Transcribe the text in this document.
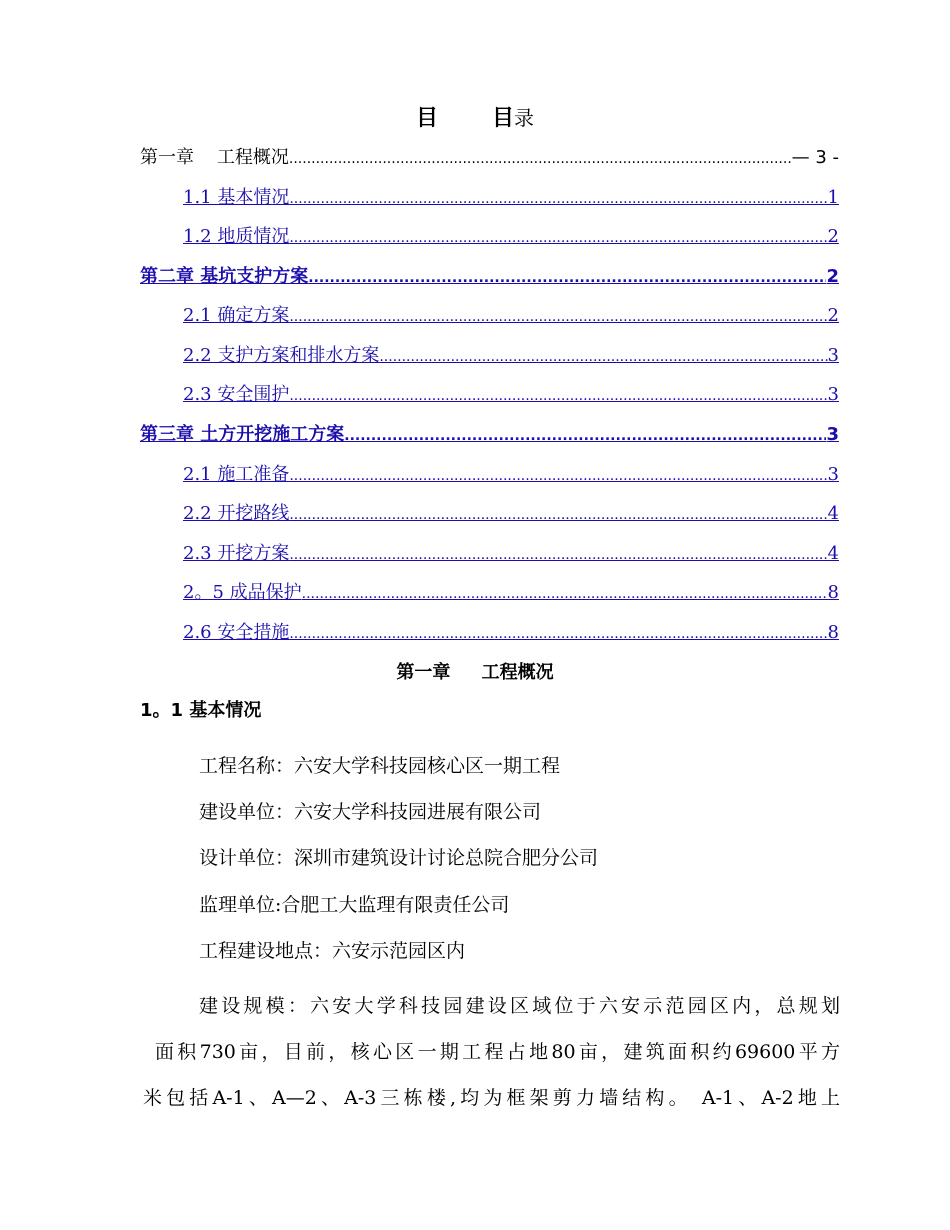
目 目录
第一章    工程概况 .....	— 3 -
1.1 基本情况 .....	1
1.2 地质情况 .....	2
第二章 基坑支护方案 .....	2
2.1 确定方案 .....	2
2.2 支护方案和排水方案 .....	3
2.3 安全围护 .....	3
第三章 土方开挖施工方案 .....	3
2.1 施工准备 .....	3
2.2 开挖路线 .....	4
2.3 开挖方案 .....	4
2。5 成品保护 .....	8
2.6 安全措施 .....	8
第一章     工程概况
1。1 基本情况
工程名称：六安大学科技园核心区一期工程
建设单位：六安大学科技园进展有限公司
设计单位：深圳市建筑设计讨论总院合肥分公司
监理单位:合肥工大监理有限责任公司
工程建设地点：六安示范园区内
建设规模：六安大学科技园建设区域位于六安示范园区内，总规划
面积730亩，目前，核心区一期工程占地80亩，建筑面积约69600平方
米包括A-1、A—2、A-3三栋楼,均为框架剪力墙结构。 A-1、A-2地上
